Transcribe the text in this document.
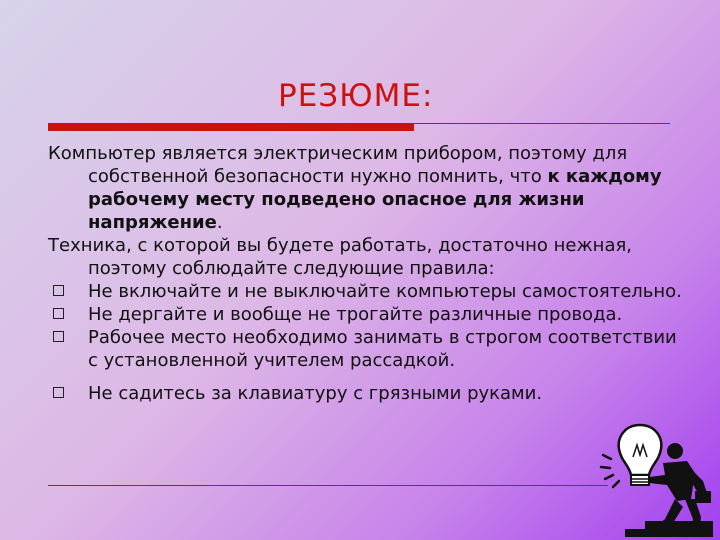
РЕЗЮМЕ:

Компьютер является электрическим прибором, поэтому для собственной безопасности нужно помнить, что к каждому рабочему месту подведено опасное для жизни напряжение.

Техника, с которой вы будете работать, достаточно нежная, поэтому соблюдайте следующие правила:

Не включайте и не выключайте компьютеры самостоятельно.

Не дергайте и вообще не трогайте различные провода.

Рабочее место необходимо занимать в строгом соответствии с установленной учителем рассадкой.

Не садитесь за клавиатуру с грязными руками.
